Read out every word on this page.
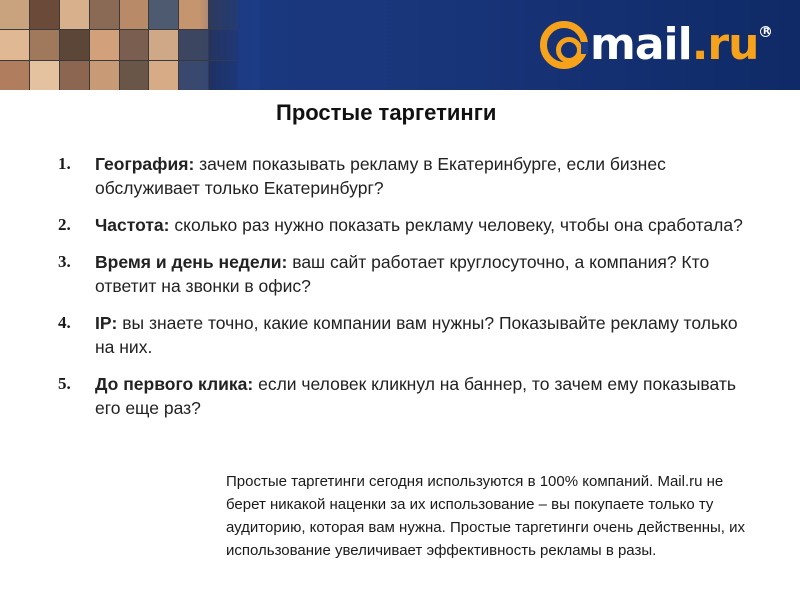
mail .ru R
Простые таргетинги
1.	География: зачем показывать рекламу в Екатеринбурге, если бизнес обслуживает только Екатеринбург?

2.	Частота: сколько раз нужно показать рекламу человеку, чтобы она сработала?

3.	Время и день недели: ваш сайт работает круглосуточно, а компания? Кто ответит на звонки в офис?

4.	IP: вы знаете точно, какие компании вам нужны? Показывайте рекламу только на них.

5.	До первого клика: если человек кликнул на баннер, то зачем ему показывать его еще раз?

Простые таргетинги сегодня используются в 100% компаний. Mail.ru не берет никакой наценки за их использование – вы покупаете только ту аудиторию, которая вам нужна. Простые таргетинги очень действенны, их использование увеличивает эффективность рекламы в разы.
